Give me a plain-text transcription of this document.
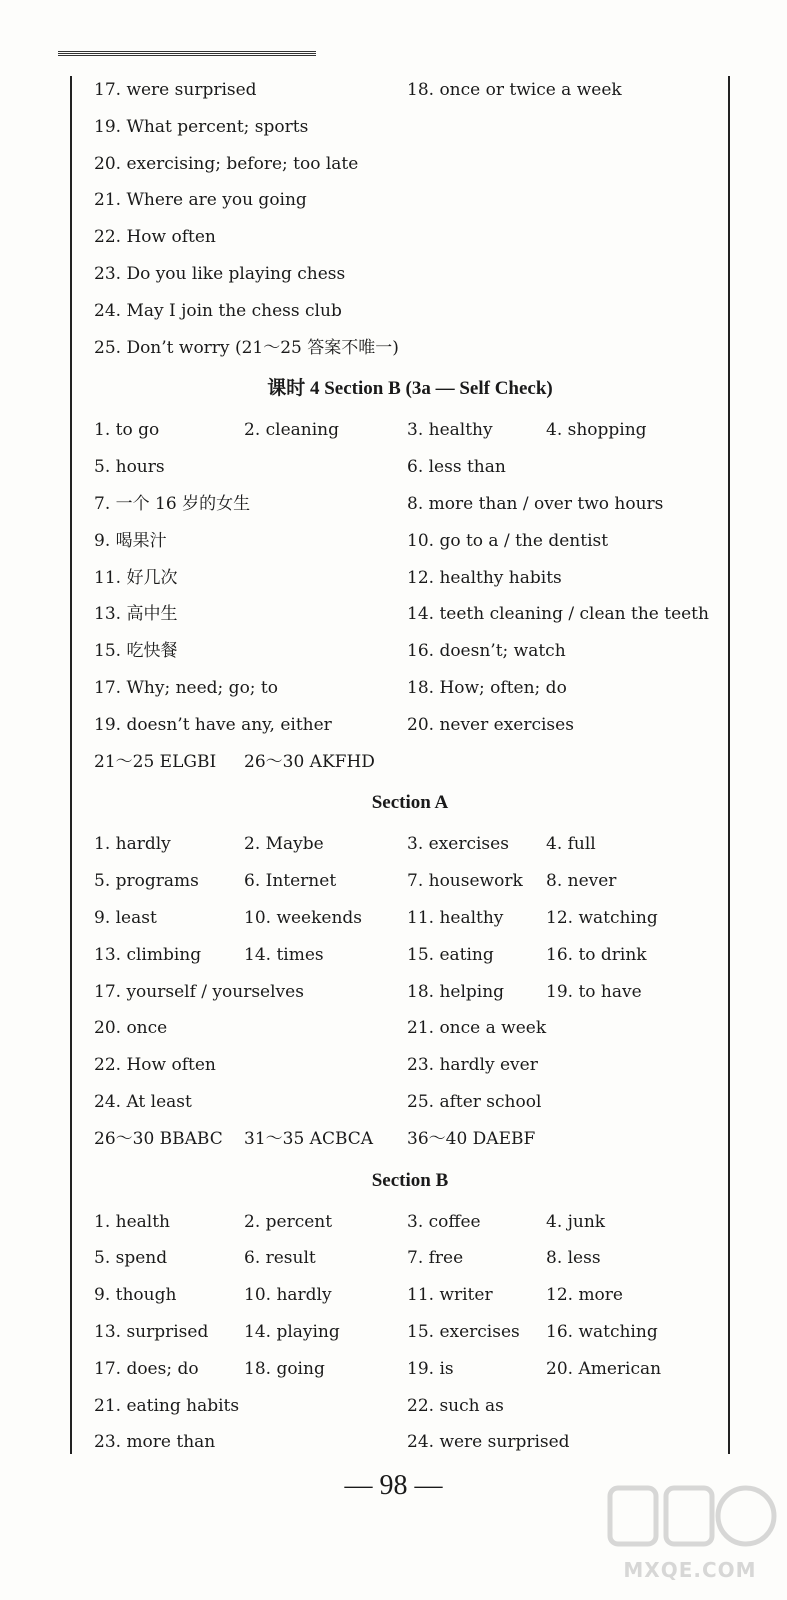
17. were surprised	18. once or twice a week
19. What percent; sports
20. exercising; before; too late
21. Where are you going
22. How often
23. Do you like playing chess
24. May I join the chess club
25. Don’t worry (21～25 答案不唯一)
课时 4 Section B (3a — Self Check)
1. to go	2. cleaning	3. healthy	4. shopping
5. hours	6. less than
7. 一个 16 岁的女生	8. more than / over two hours
9. 喝果汁	10. go to a / the dentist
11. 好几次	12. healthy habits
13. 高中生	14. teeth cleaning / clean the teeth
15. 吃快餐	16. doesn’t; watch
17. Why; need; go; to	18. How; often; do
19. doesn’t have any, either	20. never exercises
21～25 ELGBI 26～30 AKFHD
Section A
1. hardly	2. Maybe	3. exercises 4. full
5. programs	6. Internet	7. housework 8. never
9. least	10. weekends	11. healthy	12. watching
13. climbing	14. times	15. eating	16. to drink
17. yourself / yourselves	18. helping 19. to have
20. once	21. once a week
22. How often	23. hardly ever
24. At least	25. after school
26～30 BBABC 31～35 ACBCA 36～40 DAEBF
Section B
1. health	2. percent	3. coffee	4. junk
5. spend	6. result	7. free	8. less
9. though	10. hardly	11. writer	12. more
13. surprised 14. playing	15. exercises 16. watching
17. does; do	18. going	19. is	20. American
21. eating habits	22. such as
23. more than	24. were surprised
— 98 —
MXQE.COM
